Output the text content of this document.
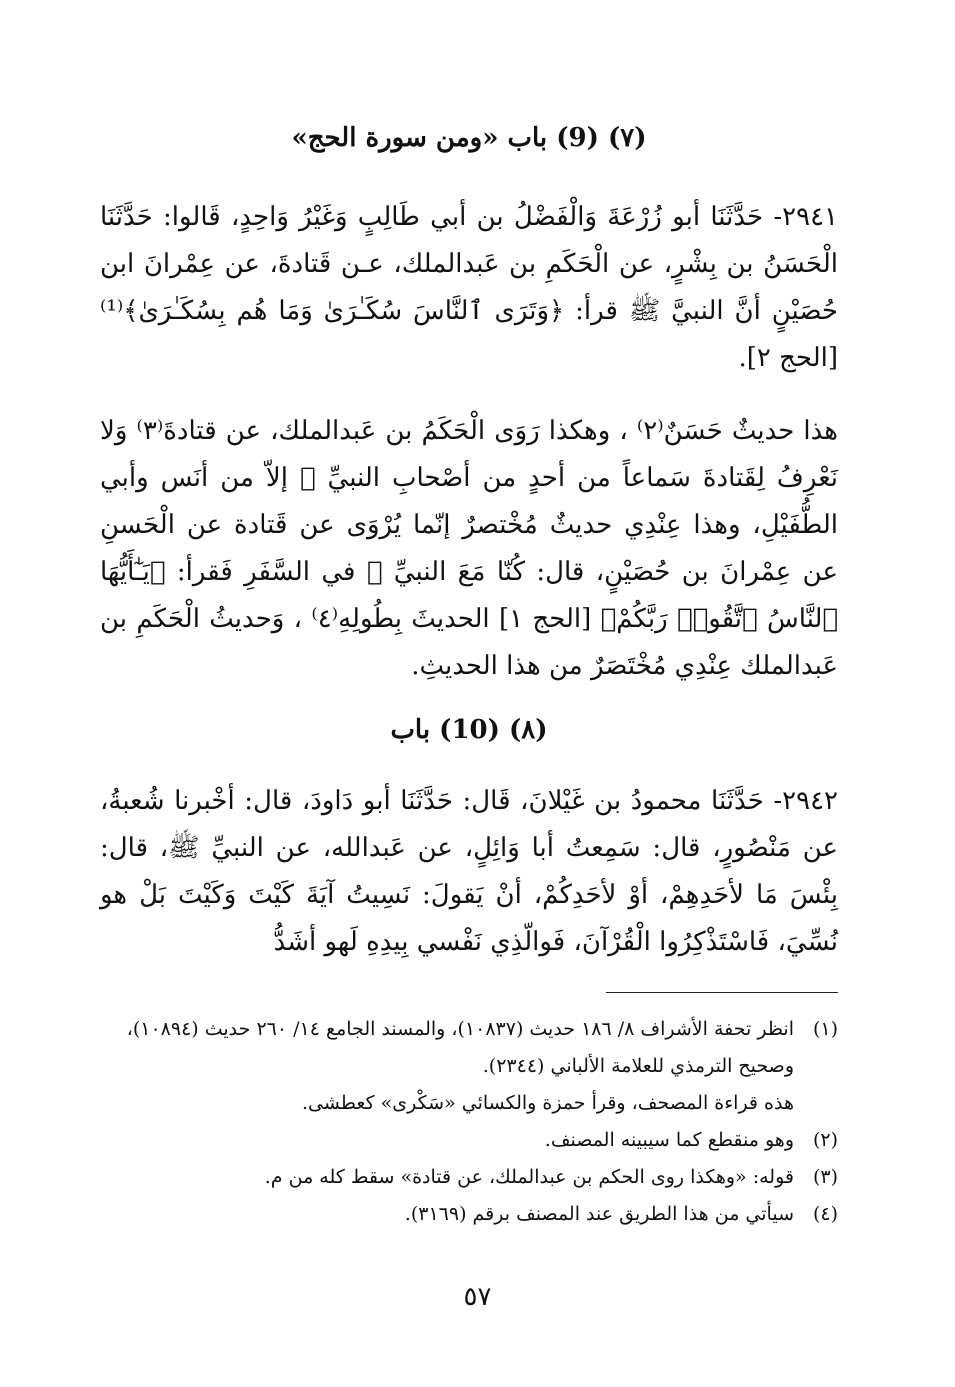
(٧) (9) باب «ومن سورة الحج»

٢٩٤١- حَدَّثَنَا أبو زُرْعَةَ وَالْفَضْلُ بن أبي طَالِبٍ وَغَيْرُ وَاحِدٍ، قَالوا: حَدَّثَنَا الْحَسَنُ بن بِشْرٍ، عن الْحَكَمِ بن عَبدالملك، عـن قَتادةَ، عن عِمْرانَ ابن حُصَيْنٍ أنَّ النبيَّ ﷺ قرأ: ﴿وَتَرَى ٱلنَّاسَ سُكَـٰرَىٰ وَمَا هُم بِسُكَـٰرَىٰ﴾⁽¹⁾ [الحج ٢].

هذا حديثٌ حَسَنٌ⁽٢⁾ ، وهكذا رَوَى الْحَكَمُ بن عَبدالملك، عن قتادةَ⁽٣⁾ وَلا نَعْرِفُ لِقَتادةَ سَماعاً من أحدٍ من أصْحابِ النبيِّ ﷺ إلاّ من أنَس وأبي الطُّفَيْلِ، وهذا عِنْدِي حديثٌ مُخْتصرٌ إنّما يُرْوَى عن قَتادة عن الْحَسنِ عن عِمْرانَ بن حُصَيْنٍ، قال: كُنّا مَعَ النبيِّ ﷺ في السَّفَرِ فَقرأ: ﴿يَـٰٓأَيُّهَا ٱلنَّاسُ ٱتَّقُوا۟ رَبَّكُمْ﴾ [الحج ١] الحديثَ بِطُولِهِ⁽٤⁾ ، وَحديثُ الْحَكَمِ بن عَبدالملك عِنْدِي مُخْتَصَرٌ من هذا الحديثِ.

(٨) (10) باب

٢٩٤٢- حَدَّثَنَا محمودُ بن غَيْلانَ، قَال: حَدَّثَنَا أبو دَاودَ، قال: أخْبرنا شُعبةُ، عن مَنْصُورٍ، قال: سَمِعتُ أبا وَائِلٍ، عن عَبدالله، عن النبيِّ ﷺ، قال: بِئْسَ مَا لأحَدِهِمْ، أوْ لأحَدِكُمْ، أنْ يَقولَ: نَسِيتُ آيَةَ كَيْتَ وَكَيْتَ بَلْ هو نُسِّيَ، فَاسْتَذْكِرُوا الْقُرْآنَ، فَوالّذِي نَفْسي بِيدِهِ لَهو أشَدُّ

(١)
انظر تحفة الأشراف ٨/ ١٨٦ حديث (١٠٨٣٧)، والمسند الجامع ١٤/ ٢٦٠ حديث (١٠٨٩٤)، وصحيح الترمذي للعلامة الألباني (٢٣٤٤).
هذه قراءة المصحف، وقرأ حمزة والكسائي «سَكْرى» كعطشى.
(٢)
وهو منقطع كما سيبينه المصنف.
(٣)
قوله: «وهكذا روى الحكم بن عبدالملك، عن قتادة» سقط كله من م.
(٤)
سيأتي من هذا الطريق عند المصنف برقم (٣١٦٩).
٥٧
